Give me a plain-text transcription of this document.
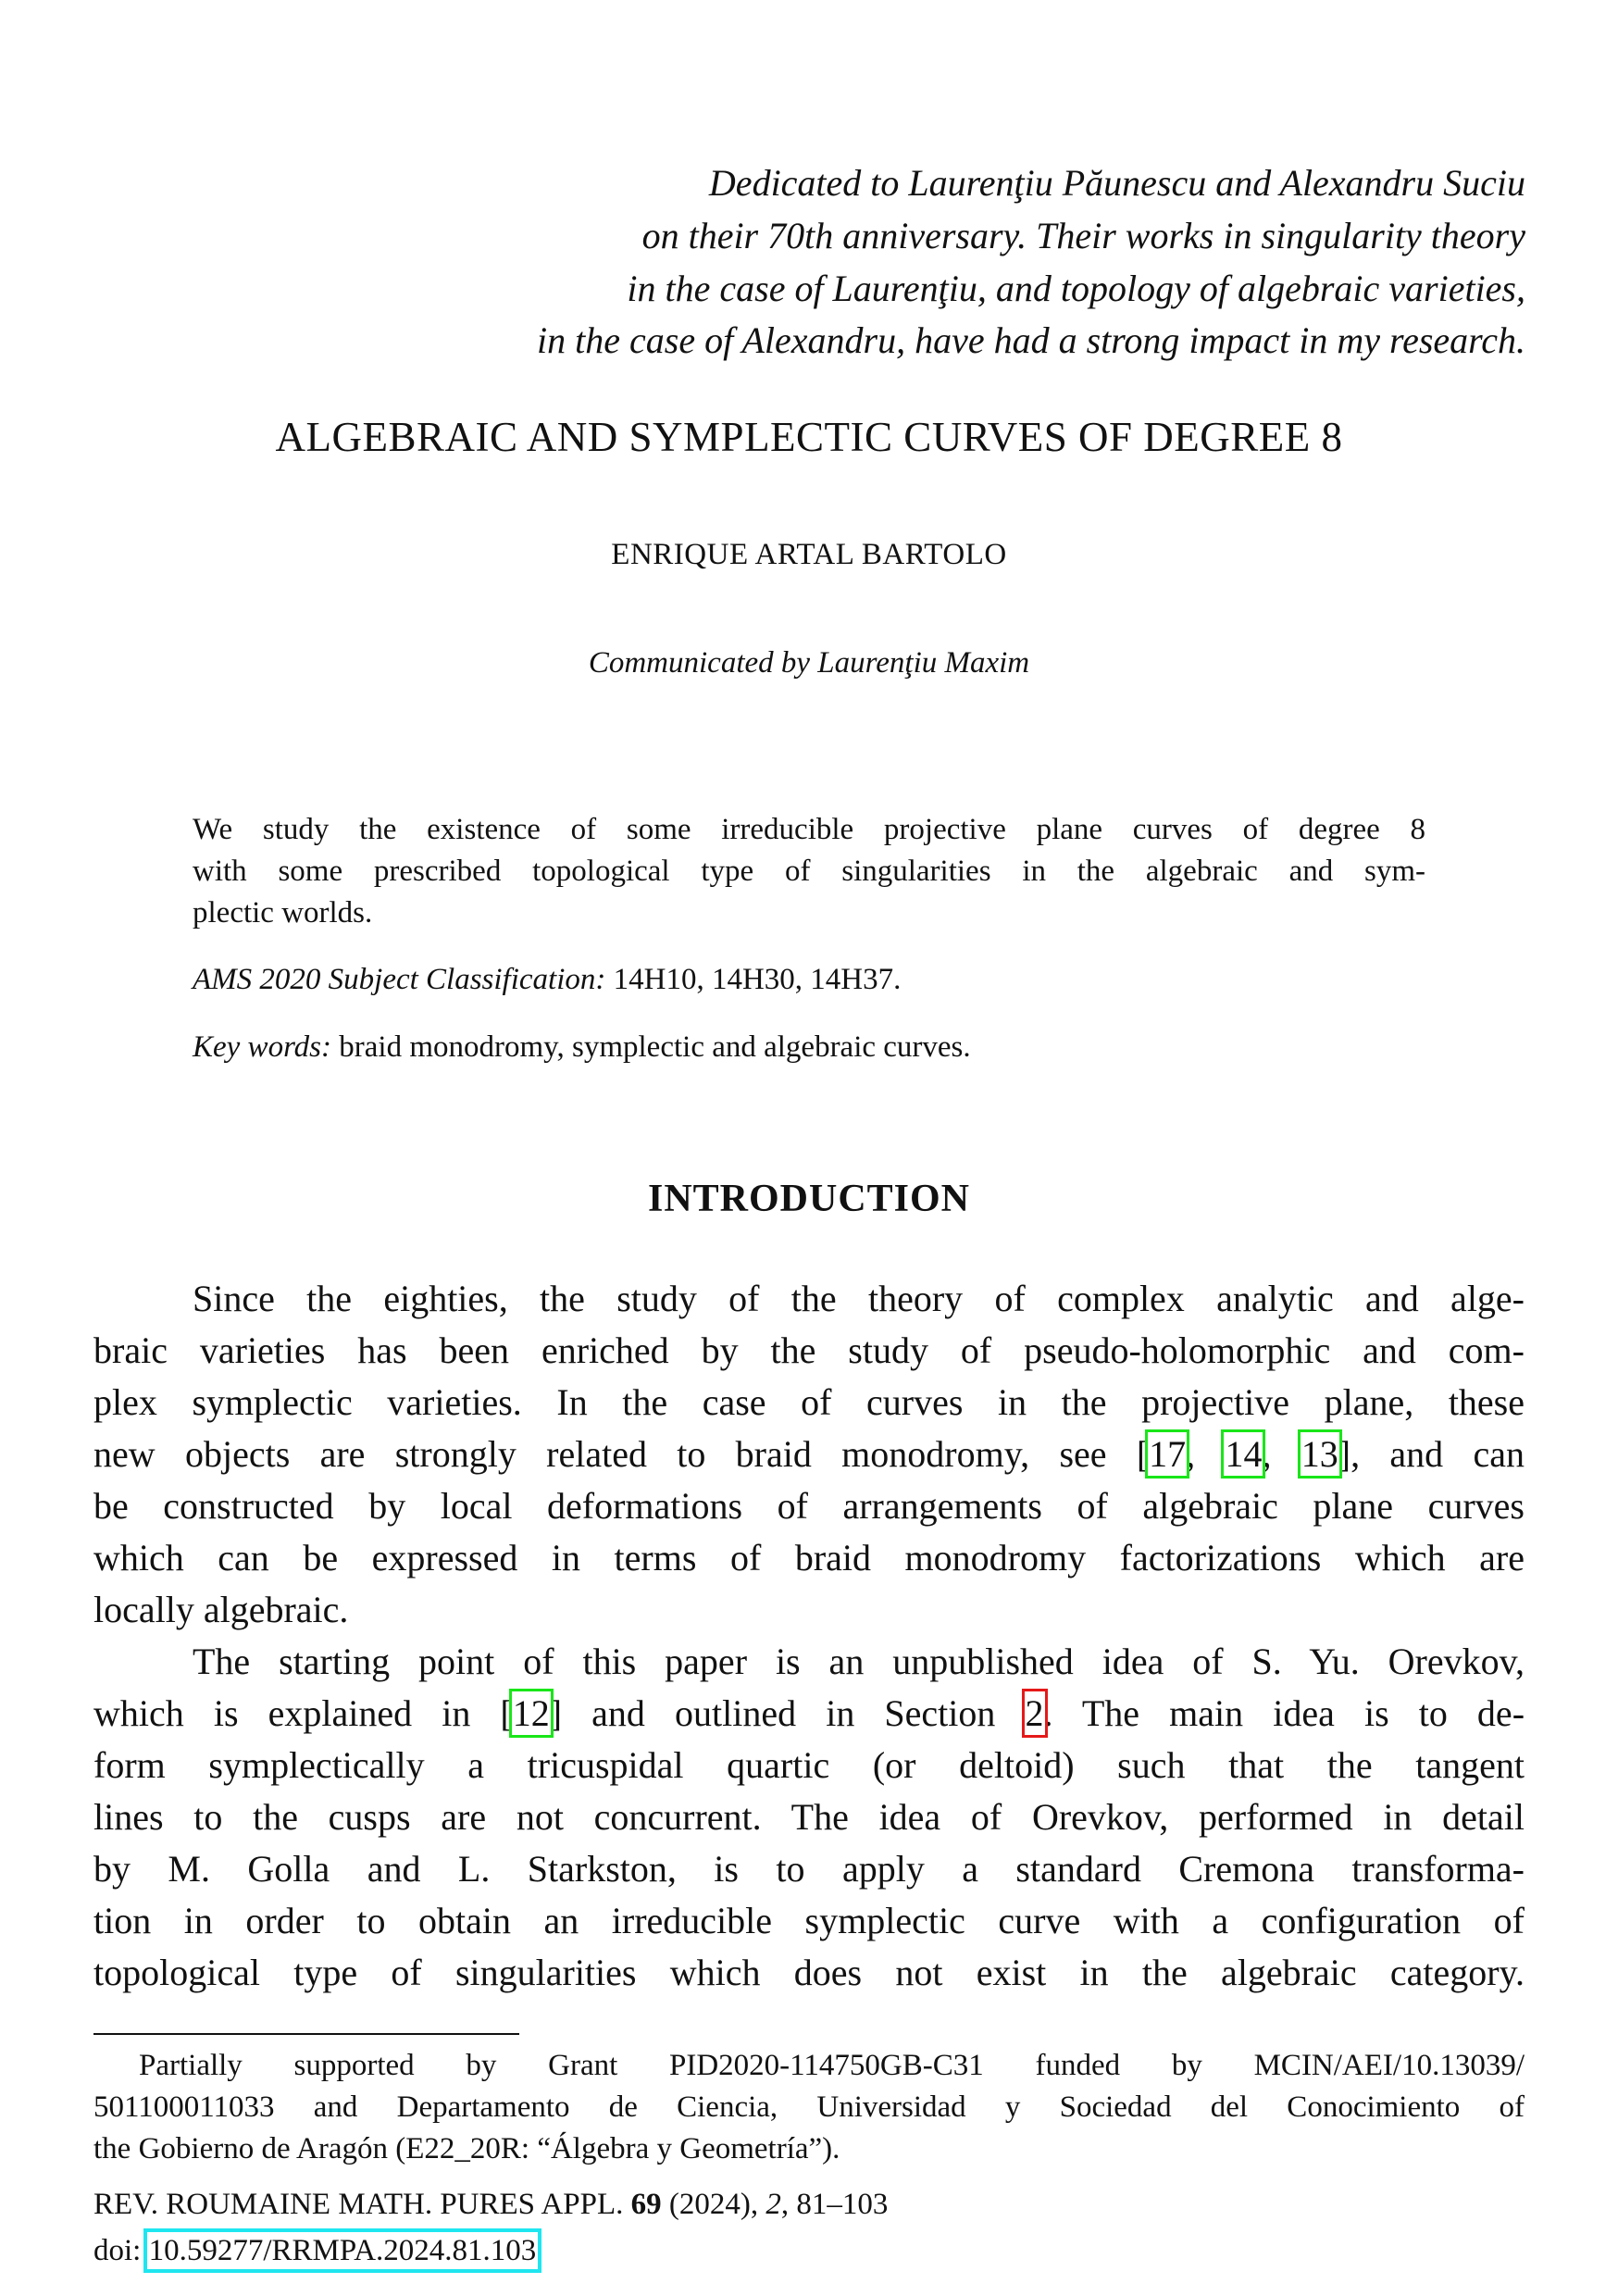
Dedicated to Laurenţiu Păunescu and Alexandru Suciu
on their 70th anniversary. Their works in singularity theory
in the case of Laurenţiu, and topology of algebraic varieties,
in the case of Alexandru, have had a strong impact in my research.
ALGEBRAIC AND SYMPLECTIC CURVES OF DEGREE 8
ENRIQUE ARTAL BARTOLO
Communicated by Laurenţiu Maxim
We study the existence of some irreducible projective plane curves of degree 8
with some prescribed topological type of singularities in the algebraic and sym-
plectic worlds.
AMS 2020 Subject Classification: 14H10, 14H30, 14H37.
Key words: braid monodromy, symplectic and algebraic curves.
INTRODUCTION
Since the eighties, the study of the theory of complex analytic and alge-
braic varieties has been enriched by the study of pseudo-holomorphic and com-
plex symplectic varieties. In the case of curves in the projective plane, these
new objects are strongly related to braid monodromy, see [17, 14, 13], and can
be constructed by local deformations of arrangements of algebraic plane curves
which can be expressed in terms of braid monodromy factorizations which are
locally algebraic.
The starting point of this paper is an unpublished idea of S. Yu. Orevkov,
which is explained in [12] and outlined in Section 2. The main idea is to de-
form symplectically a tricuspidal quartic (or deltoid) such that the tangent
lines to the cusps are not concurrent. The idea of Orevkov, performed in detail
by M. Golla and L. Starkston, is to apply a standard Cremona transforma-
tion in order to obtain an irreducible symplectic curve with a configuration of
topological type of singularities which does not exist in the algebraic category.
Partially supported by Grant PID2020-114750GB-C31 funded by MCIN/AEI/10.13039/
501100011033 and Departamento de Ciencia, Universidad y Sociedad del Conocimiento of
the Gobierno de Aragón (E22_20R: “Álgebra y Geometría”).
REV. ROUMAINE MATH. PURES APPL. 69 (2024), 2, 81–103
doi: 10.59277/RRMPA.2024.81.103
